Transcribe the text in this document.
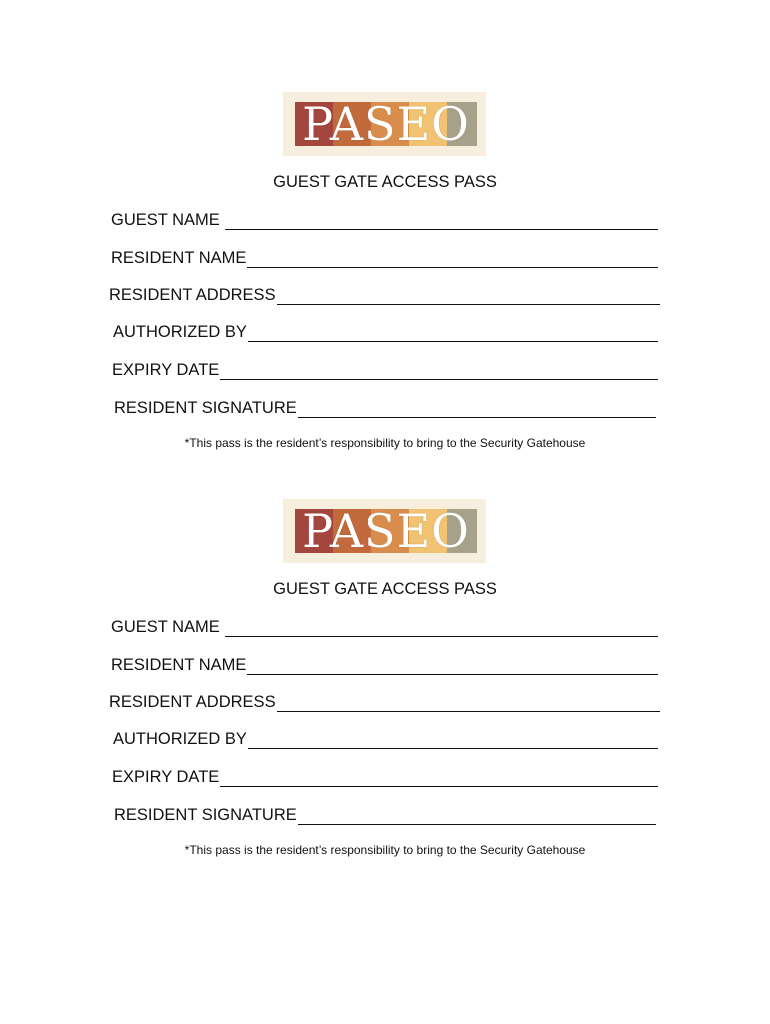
PASEO
GUEST GATE ACCESS PASS
GUEST NAME
RESIDENT NAME
RESIDENT ADDRESS
AUTHORIZED BY
EXPIRY DATE
RESIDENT SIGNATURE
*This pass is the resident’s responsibility to bring to the Security Gatehouse
PASEO
GUEST GATE ACCESS PASS
GUEST NAME
RESIDENT NAME
RESIDENT ADDRESS
AUTHORIZED BY
EXPIRY DATE
RESIDENT SIGNATURE
*This pass is the resident’s responsibility to bring to the Security Gatehouse
